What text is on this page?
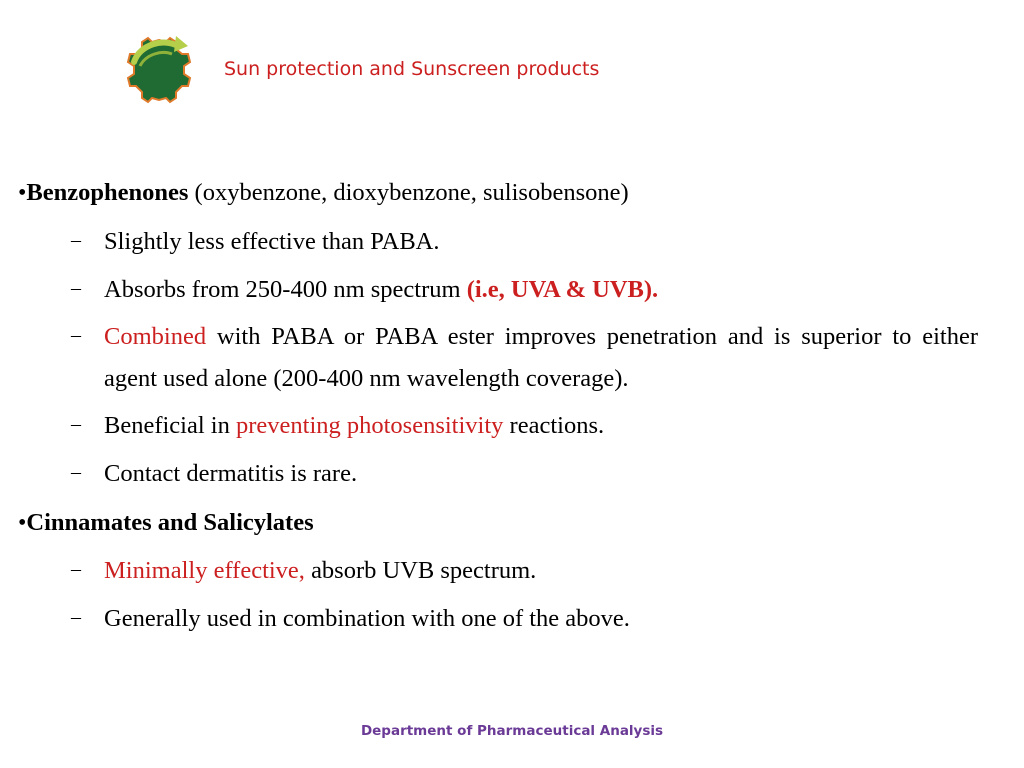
Sun protection and Sunscreen products
•Benzophenones (oxybenzone, dioxybenzone, sulisobensone)
– Slightly less effective than PABA.
– Absorbs from 250-400 nm spectrum (i.e, UVA & UVB).
– Combined with PABA or PABA ester improves penetration and is superior to either agent used alone (200-400 nm wavelength coverage).
– Beneficial in preventing photosensitivity reactions.
– Contact dermatitis is rare.
•Cinnamates and Salicylates
– Minimally effective, absorb UVB spectrum.
– Generally used in combination with one of the above.
Department of Pharmaceutical Analysis
